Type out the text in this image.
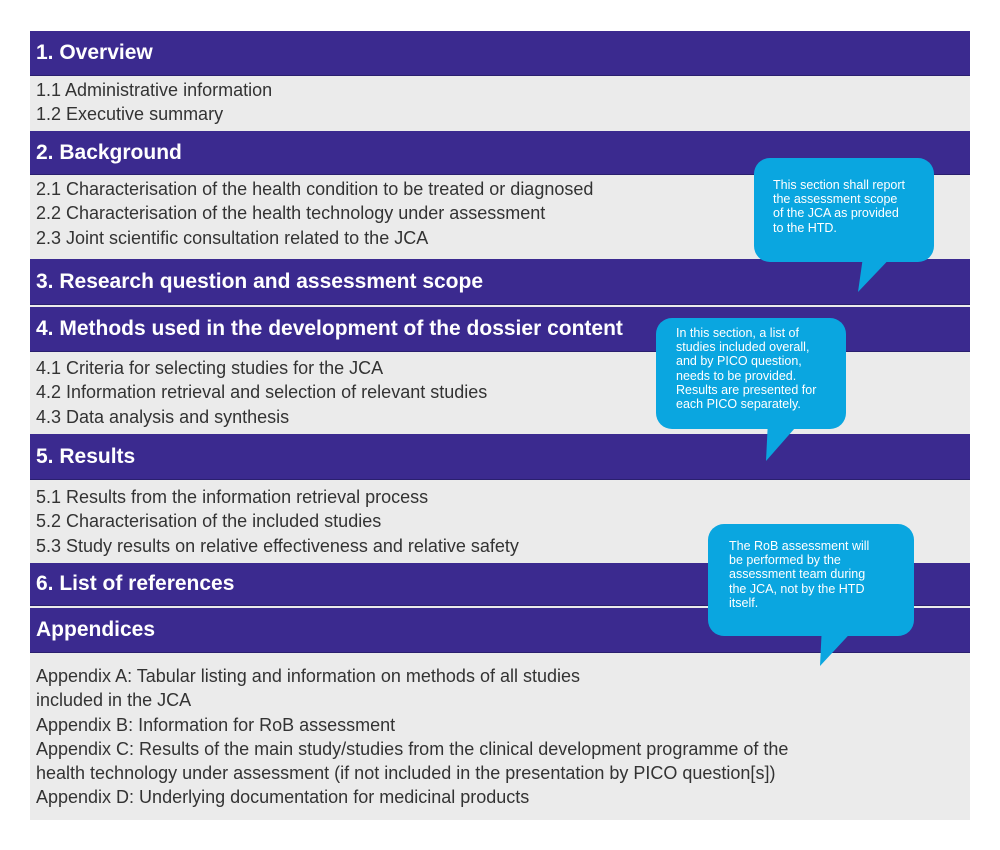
1. Overview
1.1 Administrative information
1.2 Executive summary
2. Background
2.1 Characterisation of the health condition to be treated or diagnosed
2.2 Characterisation of the health technology under assessment
2.3 Joint scientific consultation related to the JCA
3. Research question and assessment scope
4. Methods used in the development of the dossier content
4.1 Criteria for selecting studies for the JCA
4.2 Information retrieval and selection of relevant studies
4.3 Data analysis and synthesis
5. Results
5.1 Results from the information retrieval process
5.2 Characterisation of the included studies
5.3 Study results on relative effectiveness and relative safety
6. List of references
Appendices
Appendix A: Tabular listing and information on methods of all studies
included in the JCA
Appendix B: Information for RoB assessment
Appendix C: Results of the main study/studies from the clinical development programme of the
health technology under assessment (if not included in the presentation by PICO question[s])
Appendix D: Underlying documentation for medicinal products
This section shall report
the assessment scope
of the JCA as provided
to the HTD.
In this section, a list of
studies included overall,
and by PICO question,
needs to be provided.
Results are presented for
each PICO separately.
The RoB assessment will
be performed by the
assessment team during
the JCA, not by the HTD
itself.
